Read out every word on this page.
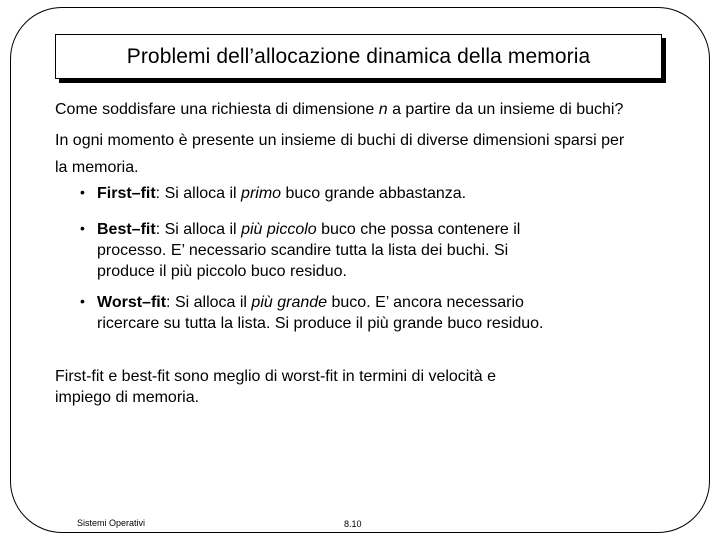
Problemi dell’allocazione dinamica della memoria
Come soddisfare una richiesta di dimensione n a partire da un insieme di buchi?
In ogni momento è presente un insieme di buchi di diverse dimensioni sparsi per
la memoria.
• First–fit: Si alloca il primo buco grande abbastanza.
• Best–fit: Si alloca il più piccolo buco che possa contenere il
processo. E’ necessario scandire tutta la lista dei buchi. Si
produce il più piccolo buco residuo.
• Worst–fit: Si alloca il più grande buco. E’ ancora necessario
ricercare su tutta la lista. Si produce il più grande buco residuo.
First-fit e best-fit sono meglio di worst-fit in termini di velocità e
impiego di memoria.
Sistemi Operativi	8.10
